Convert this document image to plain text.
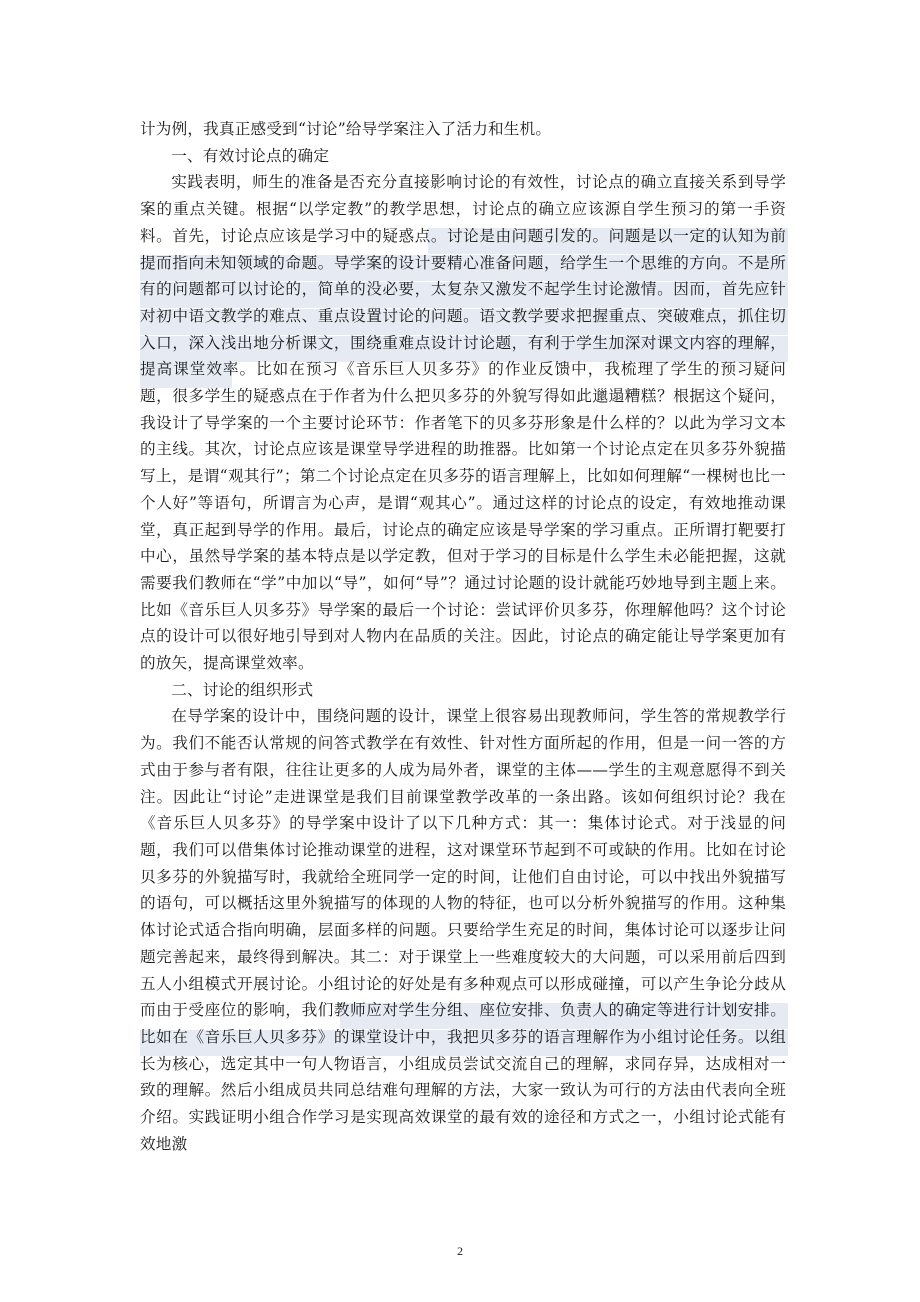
计为例，我真正感受到“讨论”给导学案注入了活力和生机。

一、有效讨论点的确定

实践表明，师生的准备是否充分直接影响讨论的有效性，讨论点的确立直接关系到导学案的重点关键。根据“以学定教”的教学思想，讨论点的确立应该源自学生预习的第一手资料。首先，讨论点应该是学习中的疑惑点。讨论是由问题引发的。问题是以一定的认知为前提而指向未知领域的命题。导学案的设计要精心准备问题，给学生一个思维的方向。不是所有的问题都可以讨论的，简单的没必要，太复杂又激发不起学生讨论激情。因而，首先应针对初中语文教学的难点、重点设置讨论的问题。语文教学要求把握重点、突破难点，抓住切入口，深入浅出地分析课文，围绕重难点设计讨论题，有利于学生加深对课文内容的理解，提高课堂效率。比如在预习《音乐巨人贝多芬》的作业反馈中，我梳理了学生的预习疑问题，很多学生的疑惑点在于作者为什么把贝多芬的外貌写得如此邋遢糟糕？根据这个疑问，我设计了导学案的一个主要讨论环节：作者笔下的贝多芬形象是什么样的？以此为学习文本的主线。其次，讨论点应该是课堂导学进程的助推器。比如第一个讨论点定在贝多芬外貌描写上，是谓“观其行”；第二个讨论点定在贝多芬的语言理解上，比如如何理解“一棵树也比一个人好”等语句，所谓言为心声，是谓“观其心”。通过这样的讨论点的设定，有效地推动课堂，真正起到导学的作用。最后，讨论点的确定应该是导学案的学习重点。正所谓打靶要打中心，虽然导学案的基本特点是以学定教，但对于学习的目标是什么学生未必能把握，这就需要我们教师在“学”中加以“导”，如何“导”？通过讨论题的设计就能巧妙地导到主题上来。比如《音乐巨人贝多芬》导学案的最后一个讨论：尝试评价贝多芬，你理解他吗？这个讨论点的设计可以很好地引导到对人物内在品质的关注。因此，讨论点的确定能让导学案更加有的放矢，提高课堂效率。

二、讨论的组织形式

在导学案的设计中，围绕问题的设计，课堂上很容易出现教师问，学生答的常规教学行为。我们不能否认常规的问答式教学在有效性、针对性方面所起的作用，但是一问一答的方式由于参与者有限，往往让更多的人成为局外者，课堂的主体——学生的主观意愿得不到关注。因此让“讨论”走进课堂是我们目前课堂教学改革的一条出路。该如何组织讨论？我在《音乐巨人贝多芬》的导学案中设计了以下几种方式：其一：集体讨论式。对于浅显的问题，我们可以借集体讨论推动课堂的进程，这对课堂环节起到不可或缺的作用。比如在讨论贝多芬的外貌描写时，我就给全班同学一定的时间，让他们自由讨论，可以中找出外貌描写的语句，可以概括这里外貌描写的体现的人物的特征，也可以分析外貌描写的作用。这种集体讨论式适合指向明确，层面多样的问题。只要给学生充足的时间，集体讨论可以逐步让问题完善起来，最终得到解决。其二：对于课堂上一些难度较大的大问题，可以采用前后四到五人小组模式开展讨论。小组讨论的好处是有多种观点可以形成碰撞，可以产生争论分歧从而由于受座位的影响，我们教师应对学生分组、座位安排、负责人的确定等进行计划安排。比如在《音乐巨人贝多芬》的课堂设计中，我把贝多芬的语言理解作为小组讨论任务。以组长为核心，选定其中一句人物语言，小组成员尝试交流自己的理解，求同存异，达成相对一致的理解。然后小组成员共同总结难句理解的方法，大家一致认为可行的方法由代表向全班介绍。实践证明小组合作学习是实现高效课堂的最有效的途径和方式之一，小组讨论式能有效地激

2
